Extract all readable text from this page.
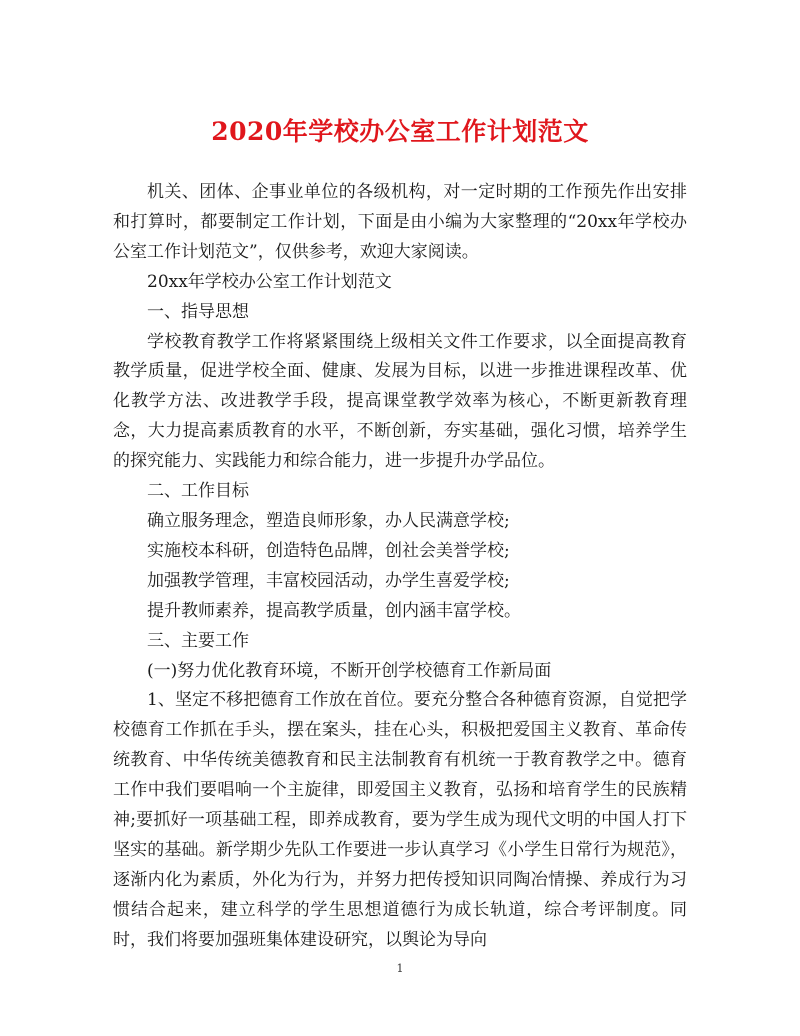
2020年学校办公室工作计划范文

机关、团体、企事业单位的各级机构，对一定时期的工作预先作出安排和打算时，都要制定工作计划，下面是由小编为大家整理的“20xx年学校办公室工作计划范文”，仅供参考，欢迎大家阅读。

20xx年学校办公室工作计划范文

一、指导思想

学校教育教学工作将紧紧围绕上级相关文件工作要求，以全面提高教育教学质量，促进学校全面、健康、发展为目标，以进一步推进课程改革、优化教学方法、改进教学手段，提高课堂教学效率为核心，不断更新教育理念，大力提高素质教育的水平，不断创新，夯实基础，强化习惯，培养学生的探究能力、实践能力和综合能力，进一步提升办学品位。

二、工作目标

确立服务理念，塑造良师形象，办人民满意学校;

实施校本科研，创造特色品牌，创社会美誉学校;

加强教学管理，丰富校园活动，办学生喜爱学校;

提升教师素养，提高教学质量，创内涵丰富学校。

三、主要工作

(一)努力优化教育环境，不断开创学校德育工作新局面

1、坚定不移把德育工作放在首位。要充分整合各种德育资源，自觉把学校德育工作抓在手头，摆在案头，挂在心头，积极把爱国主义教育、革命传统教育、中华传统美德教育和民主法制教育有机统一于教育教学之中。德育工作中我们要唱响一个主旋律，即爱国主义教育，弘扬和培育学生的民族精神;要抓好一项基础工程，即养成教育，要为学生成为现代文明的中国人打下坚实的基础。新学期少先队工作要进一步认真学习《小学生日常行为规范》，逐渐内化为素质，外化为行为，并努力把传授知识同陶冶情操、养成行为习惯结合起来，建立科学的学生思想道德行为成长轨道，综合考评制度。同时，我们将要加强班集体建设研究，以舆论为导向

1
